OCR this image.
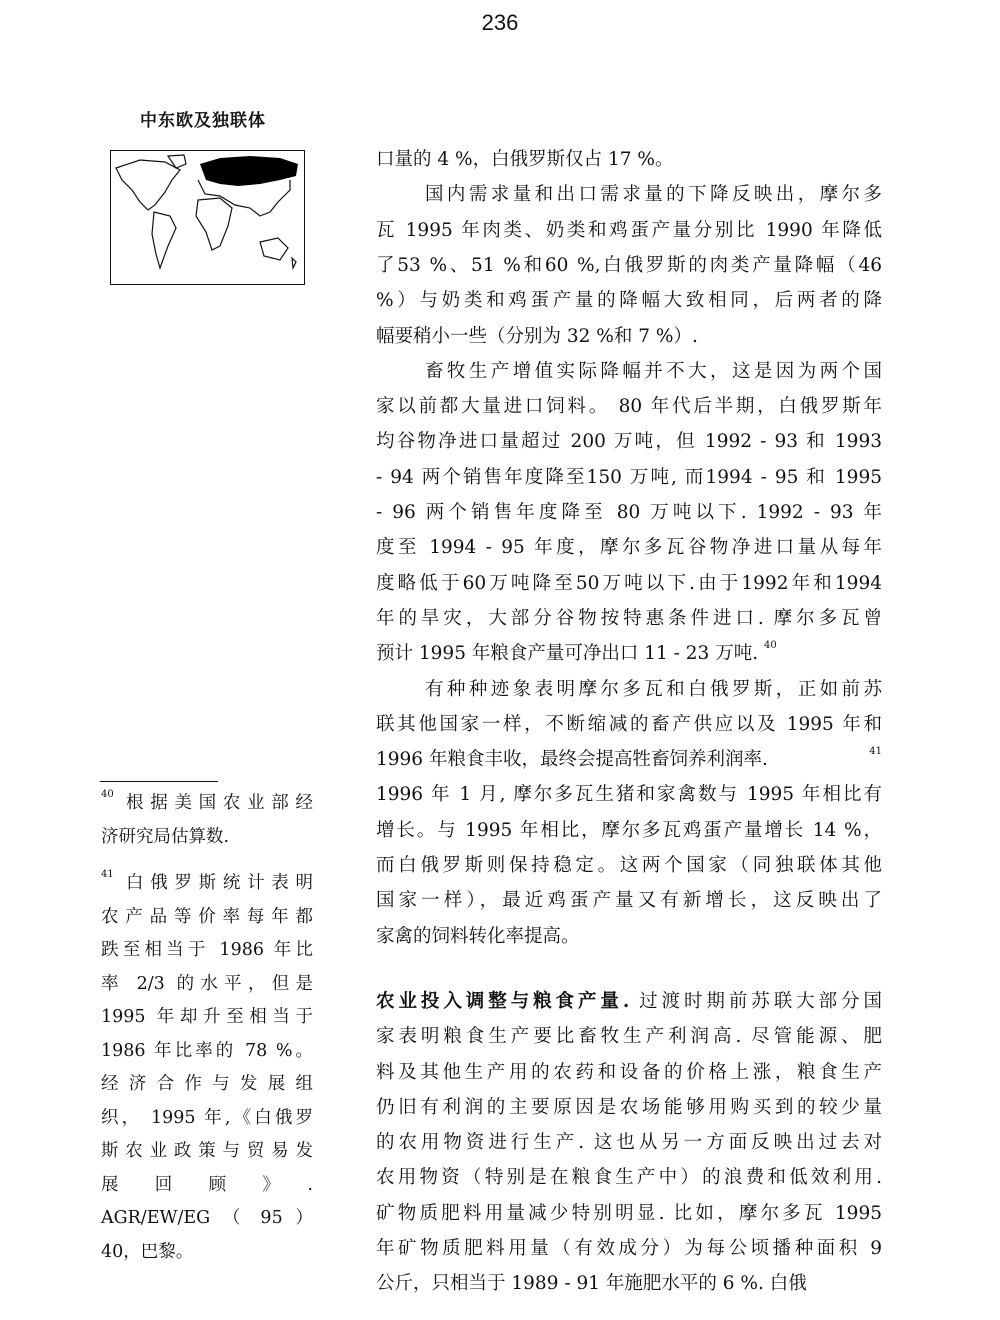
236
中东欧及独联体
$^{40}$ 根据美国农业部经
济研究局估算数.
$^{41}$ 白俄罗斯统计表明
农产品等价率每年都
跌至相当于 1986 年比
率 2/3 的水平，但是
1995 年却升至相当于
1986 年比率的 78 %。
经济合作与发展组
织， 1995 年,《白俄罗
斯农业政策与贸易发
展　回　顾　》　.
AGR/EW/EG （ 95 ）
40，巴黎。
口量的 4 %，白俄罗斯仅占 17 %。
国内需求量和出口需求量的下降反映出，摩尔多
瓦 1995 年肉类、奶类和鸡蛋产量分别比 1990 年降低
了53 %、51 %和60 %,白俄罗斯的肉类产量降幅（46
%）与奶类和鸡蛋产量的降幅大致相同，后两者的降
幅要稍小一些（分别为 32 %和 7 %）.
畜牧生产增值实际降幅并不大，这是因为两个国
家以前都大量进口饲料。 80 年代后半期，白俄罗斯年
均谷物净进口量超过 200 万吨，但 1992 - 93 和 1993
- 94 两个销售年度降至150 万吨, 而1994 - 95 和 1995
- 96 两个销售年度降至 80 万吨以下. 1992 - 93 年
度至 1994 - 95 年度，摩尔多瓦谷物净进口量从每年
度略低于60万吨降至50万吨以下.由于1992年和1994
年的旱灾，大部分谷物按特惠条件进口. 摩尔多瓦曾
预计 1995 年粮食产量可净出口 11 - 23 万吨. $^{40}$
有种种迹象表明摩尔多瓦和白俄罗斯，正如前苏
联其他国家一样，不断缩减的畜产供应以及 1995 年和
1996 年粮食丰收，最终会提高牲畜饲养利润率.	41
1996 年 1 月, 摩尔多瓦生猪和家禽数与 1995 年相比有
增长。与 1995 年相比，摩尔多瓦鸡蛋产量增长 14 %，
而白俄罗斯则保持稳定。这两个国家（同独联体其他
国家一样），最近鸡蛋产量又有新增长，这反映出了
家禽的饲料转化率提高。
农业投入调整与粮食产量. 过渡时期前苏联大部分国
家表明粮食生产要比畜牧生产利润高. 尽管能源、肥
料及其他生产用的农药和设备的价格上涨，粮食生产
仍旧有利润的主要原因是农场能够用购买到的较少量
的农用物资进行生产. 这也从另一方面反映出过去对
农用物资（特别是在粮食生产中）的浪费和低效利用.
矿物质肥料用量减少特别明显. 比如，摩尔多瓦 1995
年矿物质肥料用量（有效成分）为每公顷播种面积 9
公斤，只相当于 1989 - 91 年施肥水平的 6 %. 白俄
